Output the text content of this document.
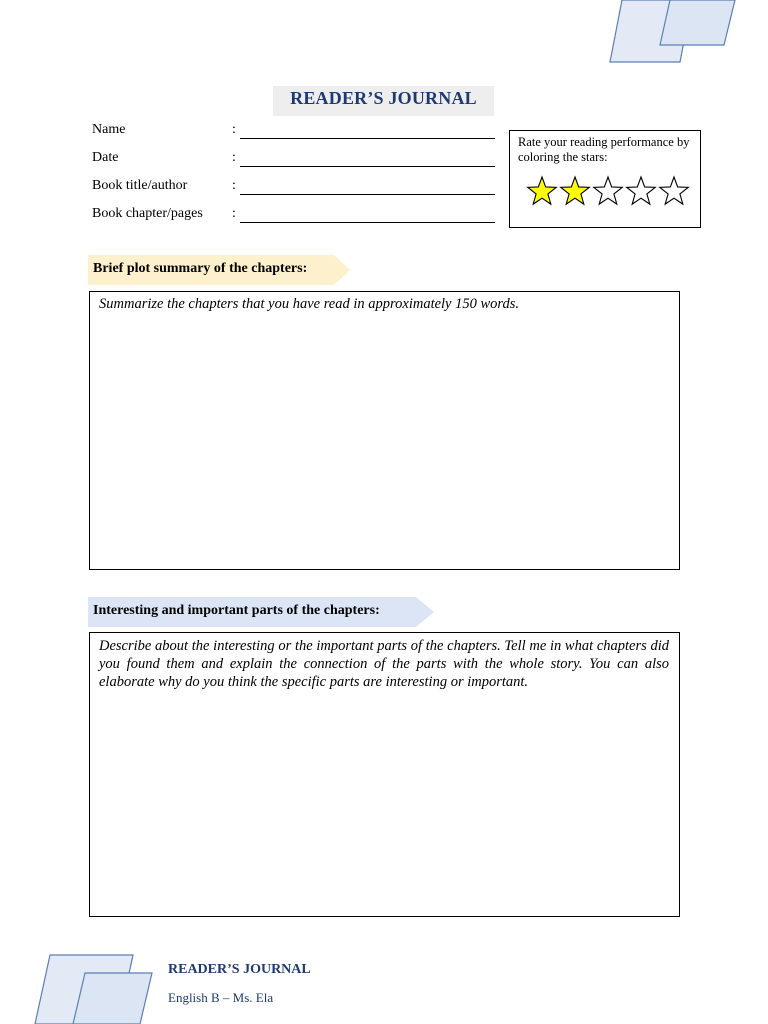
READER’S JOURNAL
Name	:
Date	:
Book title/author	:
Book chapter/pages :
Rate your reading performance by coloring the stars:
Brief plot summary of the chapters:
Summarize the chapters that you have read in approximately 150 words.
Interesting and important parts of the chapters:
Describe about the interesting or the important parts of the chapters. Tell me in what chapters did you found them and explain the connection of the parts with the whole story. You can also elaborate why do you think the specific parts are interesting or important.
READER’S JOURNAL
English B – Ms. Ela
